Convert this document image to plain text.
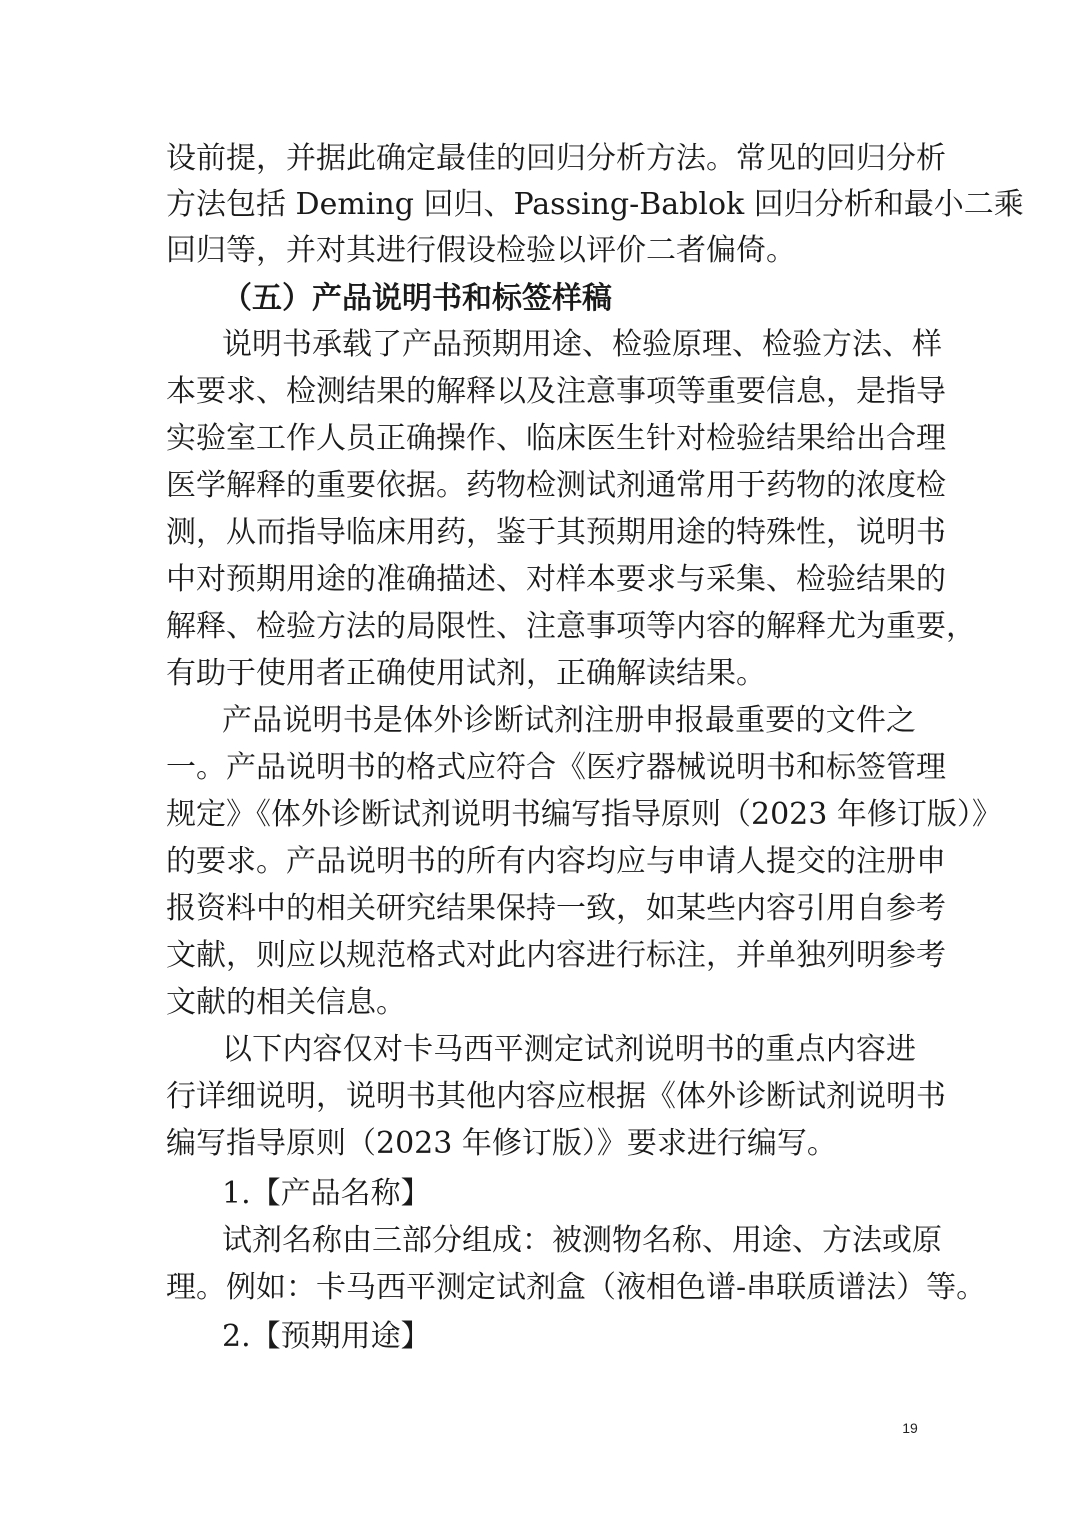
设前提，并据此确定最佳的回归分析方法。常见的回归分析
方法包括 Deming 回归、Passing-Bablok 回归分析和最小二乘
回归等，并对其进行假设检验以评价二者偏倚。
（五）产品说明书和标签样稿
说明书承载了产品预期用途、检验原理、检验方法、样
本要求、检测结果的解释以及注意事项等重要信息，是指导
实验室工作人员正确操作、临床医生针对检验结果给出合理
医学解释的重要依据。药物检测试剂通常用于药物的浓度检
测，从而指导临床用药，鉴于其预期用途的特殊性，说明书
中对预期用途的准确描述、对样本要求与采集、检验结果的
解释、检验方法的局限性、注意事项等内容的解释尤为重要，
有助于使用者正确使用试剂，正确解读结果。
产品说明书是体外诊断试剂注册申报最重要的文件之
一。产品说明书的格式应符合《医疗器械说明书和标签管理
规定》《体外诊断试剂说明书编写指导原则（2023 年修订版）》
的要求。产品说明书的所有内容均应与申请人提交的注册申
报资料中的相关研究结果保持一致，如某些内容引用自参考
文献，则应以规范格式对此内容进行标注，并单独列明参考
文献的相关信息。
以下内容仅对卡马西平测定试剂说明书的重点内容进
行详细说明，说明书其他内容应根据《体外诊断试剂说明书
编写指导原则（2023 年修订版）》要求进行编写。
1.【产品名称】
试剂名称由三部分组成：被测物名称、用途、方法或原
理。例如：卡马西平测定试剂盒（液相色谱-串联质谱法）等。
2.【预期用途】
19
